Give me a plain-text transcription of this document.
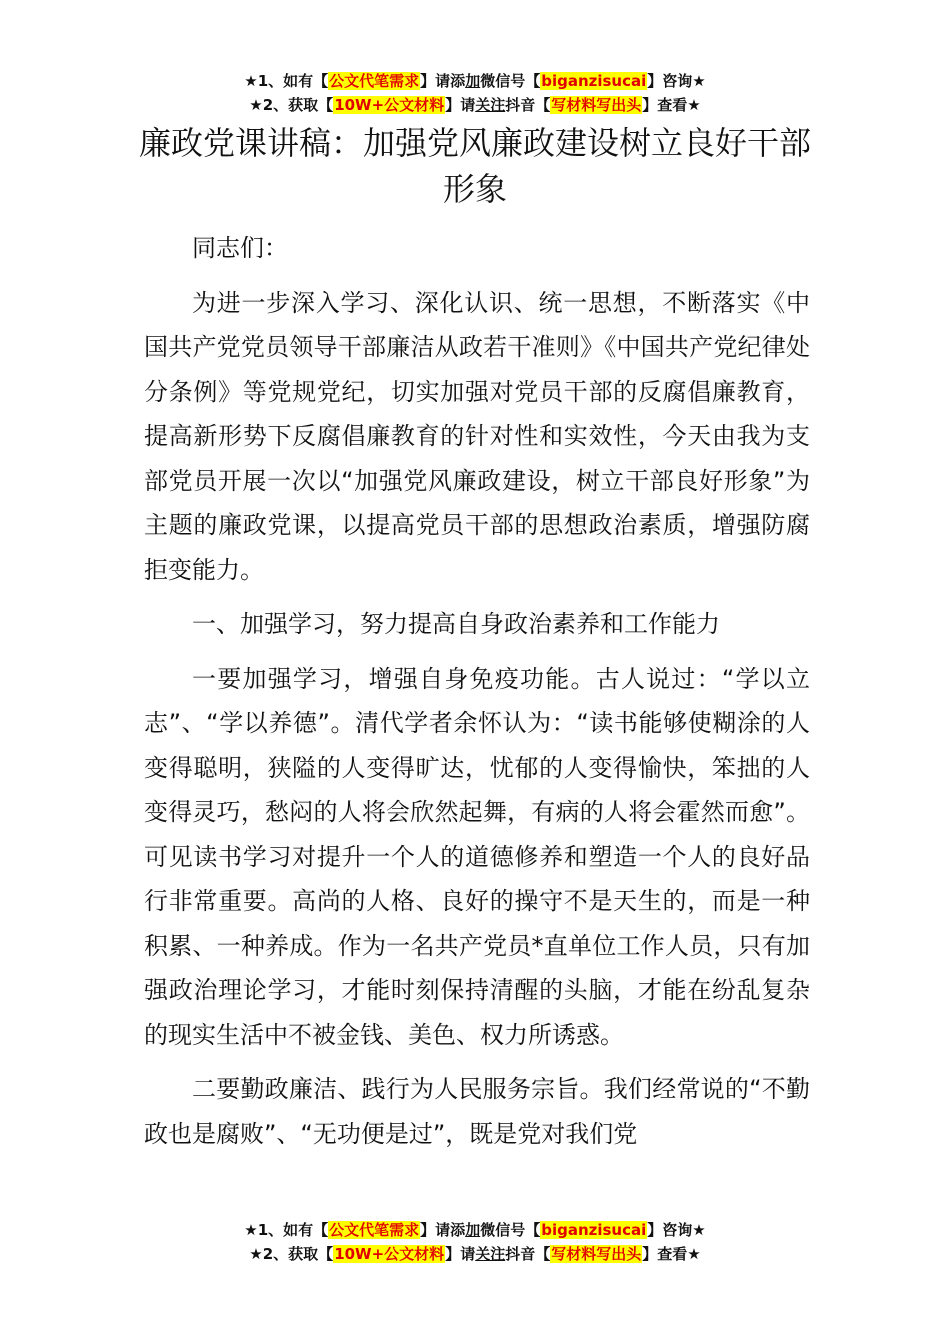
★1、如有【公文代笔需求】请添加微信号【biganzisucai】咨询★
★2、获取【10W+公文材料】请关注抖音【写材料写出头】查看★
廉政党课讲稿：加强党风廉政建设树立良好干部形象

同志们：

为进一步深入学习、深化认识、统一思想，不断落实《中国共产党党员领导干部廉洁从政若干准则》《中国共产党纪律处分条例》等党规党纪，切实加强对党员干部的反腐倡廉教育，提高新形势下反腐倡廉教育的针对性和实效性，今天由我为支部党员开展一次以“加强党风廉政建设，树立干部良好形象”为主题的廉政党课，以提高党员干部的思想政治素质，增强防腐拒变能力。

一、加强学习，努力提高自身政治素养和工作能力

一要加强学习，增强自身免疫功能。古人说过：“学以立志”、“学以养德”。清代学者余怀认为：“读书能够使糊涂的人变得聪明，狭隘的人变得旷达，忧郁的人变得愉快，笨拙的人变得灵巧，愁闷的人将会欣然起舞，有病的人将会霍然而愈”。可见读书学习对提升一个人的道德修养和塑造一个人的良好品行非常重要。高尚的人格、良好的操守不是天生的，而是一种积累、一种养成。作为一名共产党员*直单位工作人员，只有加强政治理论学习，才能时刻保持清醒的头脑，才能在纷乱复杂的现实生活中不被金钱、美色、权力所诱惑。

二要勤政廉洁、践行为人民服务宗旨。我们经常说的“不勤政也是腐败”、“无功便是过”，既是党对我们党

★1、如有【公文代笔需求】请添加微信号【biganzisucai】咨询★
★2、获取【10W+公文材料】请关注抖音【写材料写出头】查看★
